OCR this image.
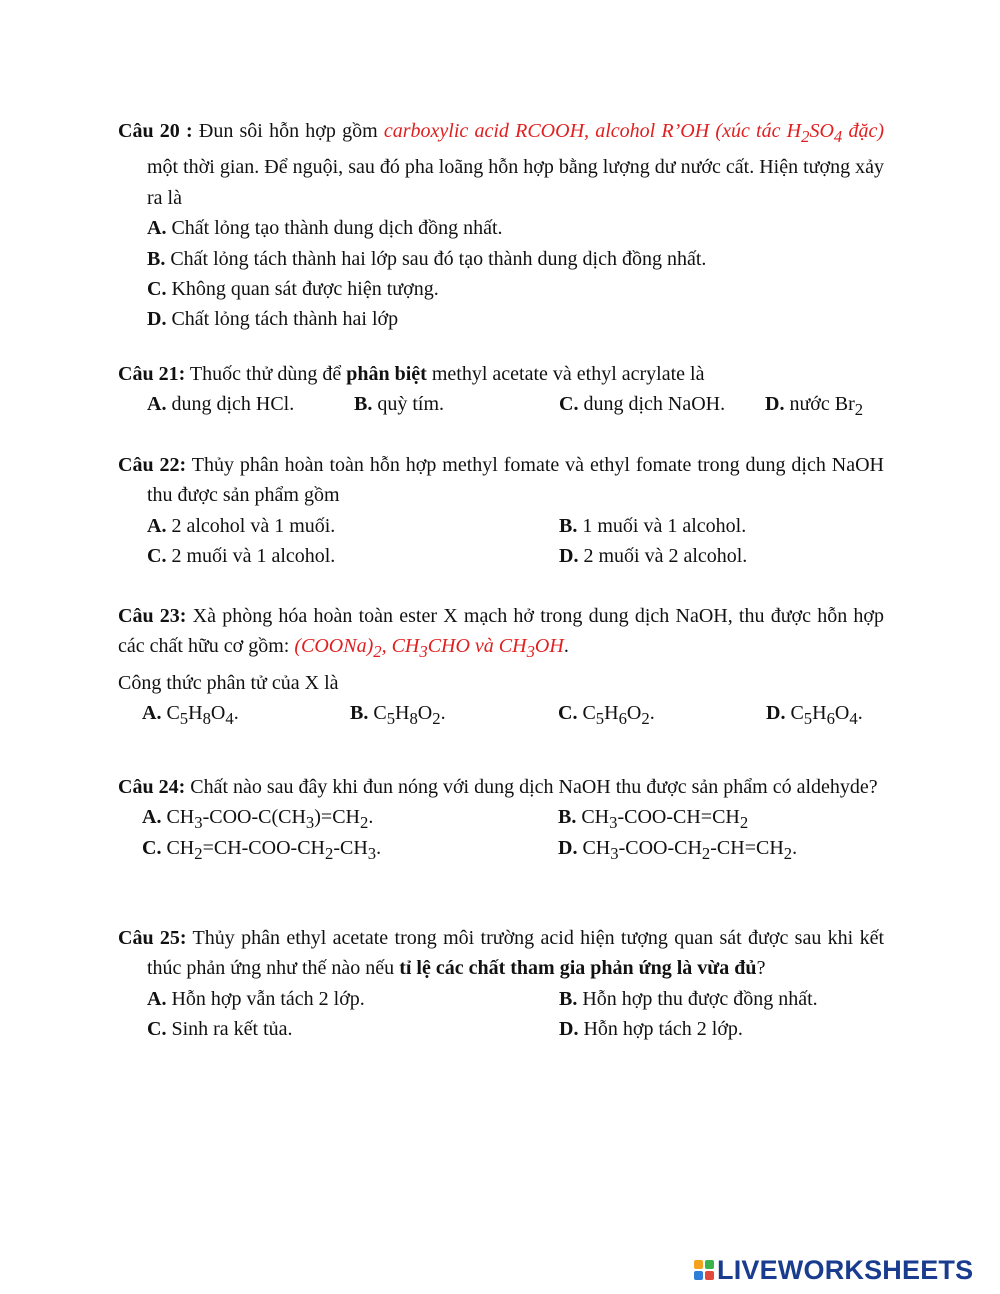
Câu 20 : Đun sôi hỗn hợp gồm carboxylic acid RCOOH, alcohol R’OH (xúc tác $H_2SO_4$ đặc) một thời gian. Để nguội, sau đó pha loãng hỗn hợp bằng lượng dư nước cất. Hiện tượng xảy ra là

A. Chất lỏng tạo thành dung dịch đồng nhất.
B. Chất lỏng tách thành hai lớp sau đó tạo thành dung dịch đồng nhất.
C. Không quan sát được hiện tượng.
D. Chất lỏng tách thành hai lớp

Câu 21: Thuốc thử dùng để phân biệt methyl acetate và ethyl acrylate là

A. dung dịch HCl.	B. quỳ tím.	C. dung dịch NaOH. D. nước $Br_2$

Câu 22: Thủy phân hoàn toàn hỗn hợp methyl fomate và ethyl fomate trong dung dịch NaOH thu được sản phẩm gồm

A. 2 alcohol và 1 muối.	B. 1 muối và 1 alcohol.
C. 2 muối và 1 alcohol.	D. 2 muối và 2 alcohol.

Câu 23: Xà phòng hóa hoàn toàn ester X mạch hở trong dung dịch NaOH, thu được hỗn hợp các chất hữu cơ gồm: $(COONa)_2$, $CH_3CHO$ và $CH_3OH$.

Công thức phân tử của X là
A. $C_5H_8O_4$.	B. $C_5H_8O_2$.	C. $C_5H_6O_2$.	D. $C_5H_6O_4$.

Câu 24: Chất nào sau đây khi đun nóng với dung dịch NaOH thu được sản phẩm có aldehyde?

A. $CH_3-COO-C(CH_3)=CH_2$.	B. $CH_3-COO-CH=CH_2$
C. $CH_2=CH-COO-CH_2-CH_3$.	D. $CH_3-COO-CH_2-CH=CH_2$.

Câu 25: Thủy phân ethyl acetate trong môi trường acid hiện tượng quan sát được sau khi kết thúc phản ứng như thế nào nếu tỉ lệ các chất tham gia phản ứng là vừa đủ?

A. Hỗn hợp vẫn tách 2 lớp.	B. Hỗn hợp thu được đồng nhất.
C. Sinh ra kết tủa.	D. Hỗn hợp tách 2 lớp.
LIVEWORKSHEETS
